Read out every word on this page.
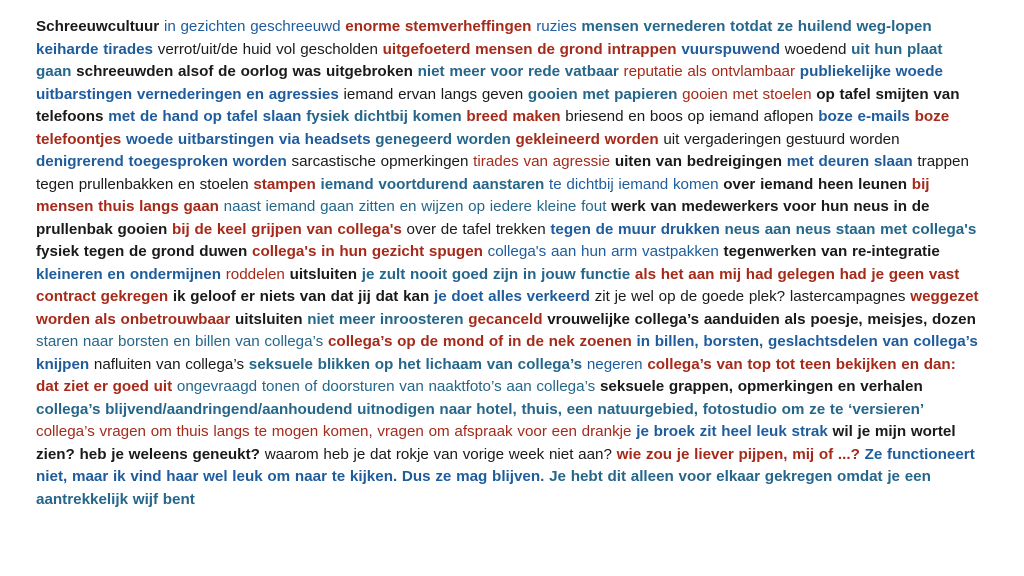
Schreeuwcultuur in gezichten geschreeuwd enorme stemverheffingen ruzies mensen vernederen totdat ze huilend weg-lopen keiharde tirades verrot/uit/de huid vol gescholden uitgefoeterd mensen de grond intrappen vuurspuwend woedend uit hun plaat gaan schreeuwden alsof de oorlog was uitgebroken niet meer voor rede vatbaar reputatie als ontvlambaar publiekelijke woede uitbarstingen vernederingen en agressies iemand ervan langs geven gooien met papieren gooien met stoelen op tafel smijten van telefoons met de hand op tafel slaan fysiek dichtbij komen breed maken briesend en boos op iemand aflopen boze e-mails boze telefoontjes woede uitbarstingen via headsets genegeerd worden gekleineerd worden uit vergaderingen gestuurd worden denigrerend toegesproken worden sarcastische opmerkingen tirades van agressie uiten van bedreigingen met deuren slaan trappen tegen prullenbakken en stoelen stampen iemand voortdurend aanstaren te dichtbij iemand komen over iemand heen leunen bij mensen thuis langs gaan naast iemand gaan zitten en wijzen op iedere kleine fout werk van medewerkers voor hun neus in de prullenbak gooien bij de keel grijpen van collega's over de tafel trekken tegen de muur drukken neus aan neus staan met collega's fysiek tegen de grond duwen collega's in hun gezicht spugen collega's aan hun arm vastpakken tegenwerken van re-integratie kleineren en ondermijnen roddelen uitsluiten je zult nooit goed zijn in jouw functie als het aan mij had gelegen had je geen vast contract gekregen ik geloof er niets van dat jij dat kan je doet alles verkeerd zit je wel op de goede plek? lastercampagnes weggezet worden als onbetrouwbaar uitsluiten niet meer inroosteren gecanceld vrouwelijke collega’s aanduiden als poesje, meisjes, dozen staren naar borsten en billen van collega’s collega’s op de mond of in de nek zoenen in billen, borsten, geslachtsdelen van collega’s knijpen nafluiten van collega’s seksuele blikken op het lichaam van collega’s negeren collega’s van top tot teen bekijken en dan: dat ziet er goed uit ongevraagd tonen of doorsturen van naaktfoto’s aan collega’s seksuele grappen, opmerkingen en verhalen collega’s blijvend/aandringend/aanhoudend uitnodigen naar hotel, thuis, een natuurgebied, fotostudio om ze te ‘versieren’ collega’s vragen om thuis langs te mogen komen, vragen om afspraak voor een drankje je broek zit heel leuk strak wil je mijn wortel zien? heb je weleens geneukt? waarom heb je dat rokje van vorige week niet aan? wie zou je liever pijpen, mij of ...? Ze functioneert niet, maar ik vind haar wel leuk om naar te kijken. Dus ze mag blijven. Je hebt dit alleen voor elkaar gekregen omdat je een aantrekkelijk wijf bent
